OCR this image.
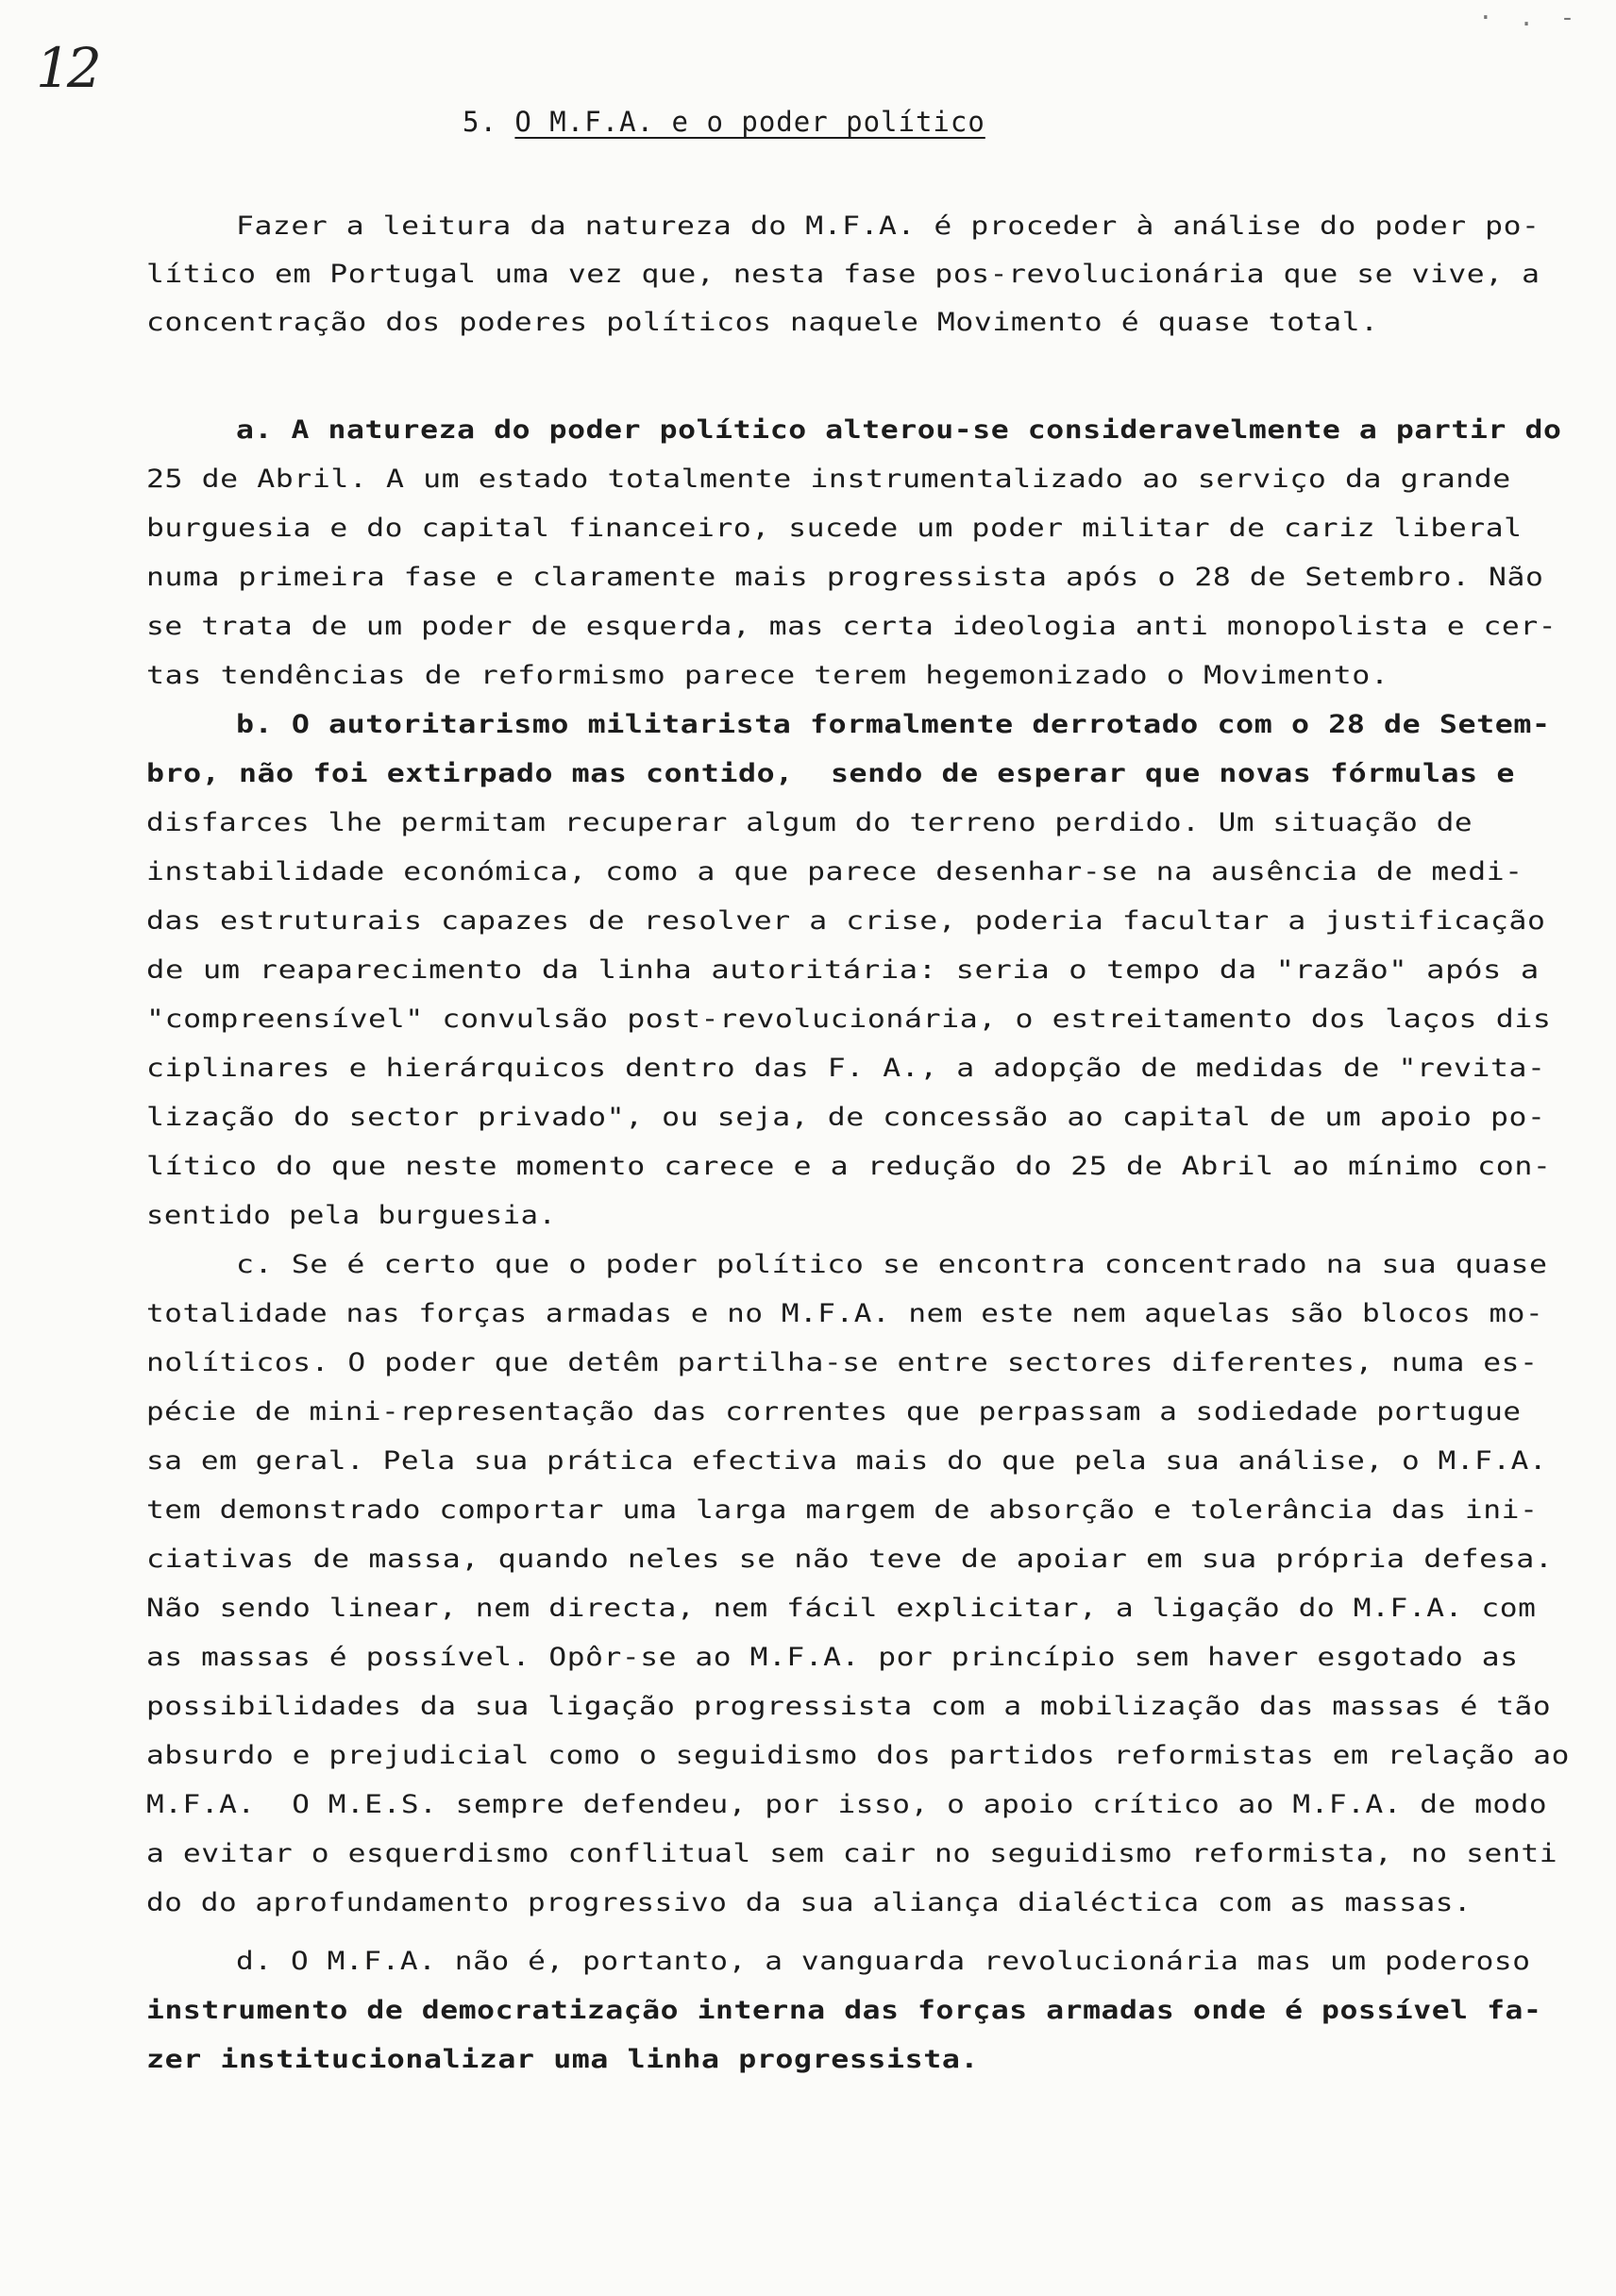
12
· . -
5. O M.F.A. e o poder político
Fazer a leitura da natureza do M.F.A. é proceder à análise do poder po-
lítico em Portugal uma vez que, nesta fase pos-revolucionária que se vive, a
concentração dos poderes políticos naquele Movimento é quase total.
a. A natureza do poder político alterou-se consideravelmente a partir do
25 de Abril. A um estado totalmente instrumentalizado ao serviço da grande
burguesia e do capital financeiro, sucede um poder militar de cariz liberal
numa primeira fase e claramente mais progressista após o 28 de Setembro. Não
se trata de um poder de esquerda, mas certa ideologia anti monopolista e cer-
tas tendências de reformismo parece terem hegemonizado o Movimento.
b. O autoritarismo militarista formalmente derrotado com o 28 de Setem-
bro, não foi extirpado mas contido,  sendo de esperar que novas fórmulas e
disfarces lhe permitam recuperar algum do terreno perdido. Um situação de
instabilidade económica, como a que parece desenhar-se na ausência de medi-
das estruturais capazes de resolver a crise, poderia facultar a justificação
de um reaparecimento da linha autoritária: seria o tempo da "razão" após a
"compreensível" convulsão post-revolucionária, o estreitamento dos laços dis
ciplinares e hierárquicos dentro das F. A., a adopção de medidas de "revita-
lização do sector privado", ou seja, de concessão ao capital de um apoio po-
lítico do que neste momento carece e a redução do 25 de Abril ao mínimo con-
sentido pela burguesia.
c. Se é certo que o poder político se encontra concentrado na sua quase
totalidade nas forças armadas e no M.F.A. nem este nem aquelas são blocos mo-
nolíticos. O poder que detêm partilha-se entre sectores diferentes, numa es-
pécie de mini-representação das correntes que perpassam a sodiedade portugue
sa em geral. Pela sua prática efectiva mais do que pela sua análise, o M.F.A.
tem demonstrado comportar uma larga margem de absorção e tolerância das ini-
ciativas de massa, quando neles se não teve de apoiar em sua própria defesa.
Não sendo linear, nem directa, nem fácil explicitar, a ligação do M.F.A. com
as massas é possível. Opôr-se ao M.F.A. por princípio sem haver esgotado as
possibilidades da sua ligação progressista com a mobilização das massas é tão
absurdo e prejudicial como o seguidismo dos partidos reformistas em relação ao
M.F.A.  O M.E.S. sempre defendeu, por isso, o apoio crítico ao M.F.A. de modo
a evitar o esquerdismo conflitual sem cair no seguidismo reformista, no senti
do do aprofundamento progressivo da sua aliança dialéctica com as massas.
d. O M.F.A. não é, portanto, a vanguarda revolucionária mas um poderoso
instrumento de democratização interna das forças armadas onde é possível fa-
zer institucionalizar uma linha progressista.
